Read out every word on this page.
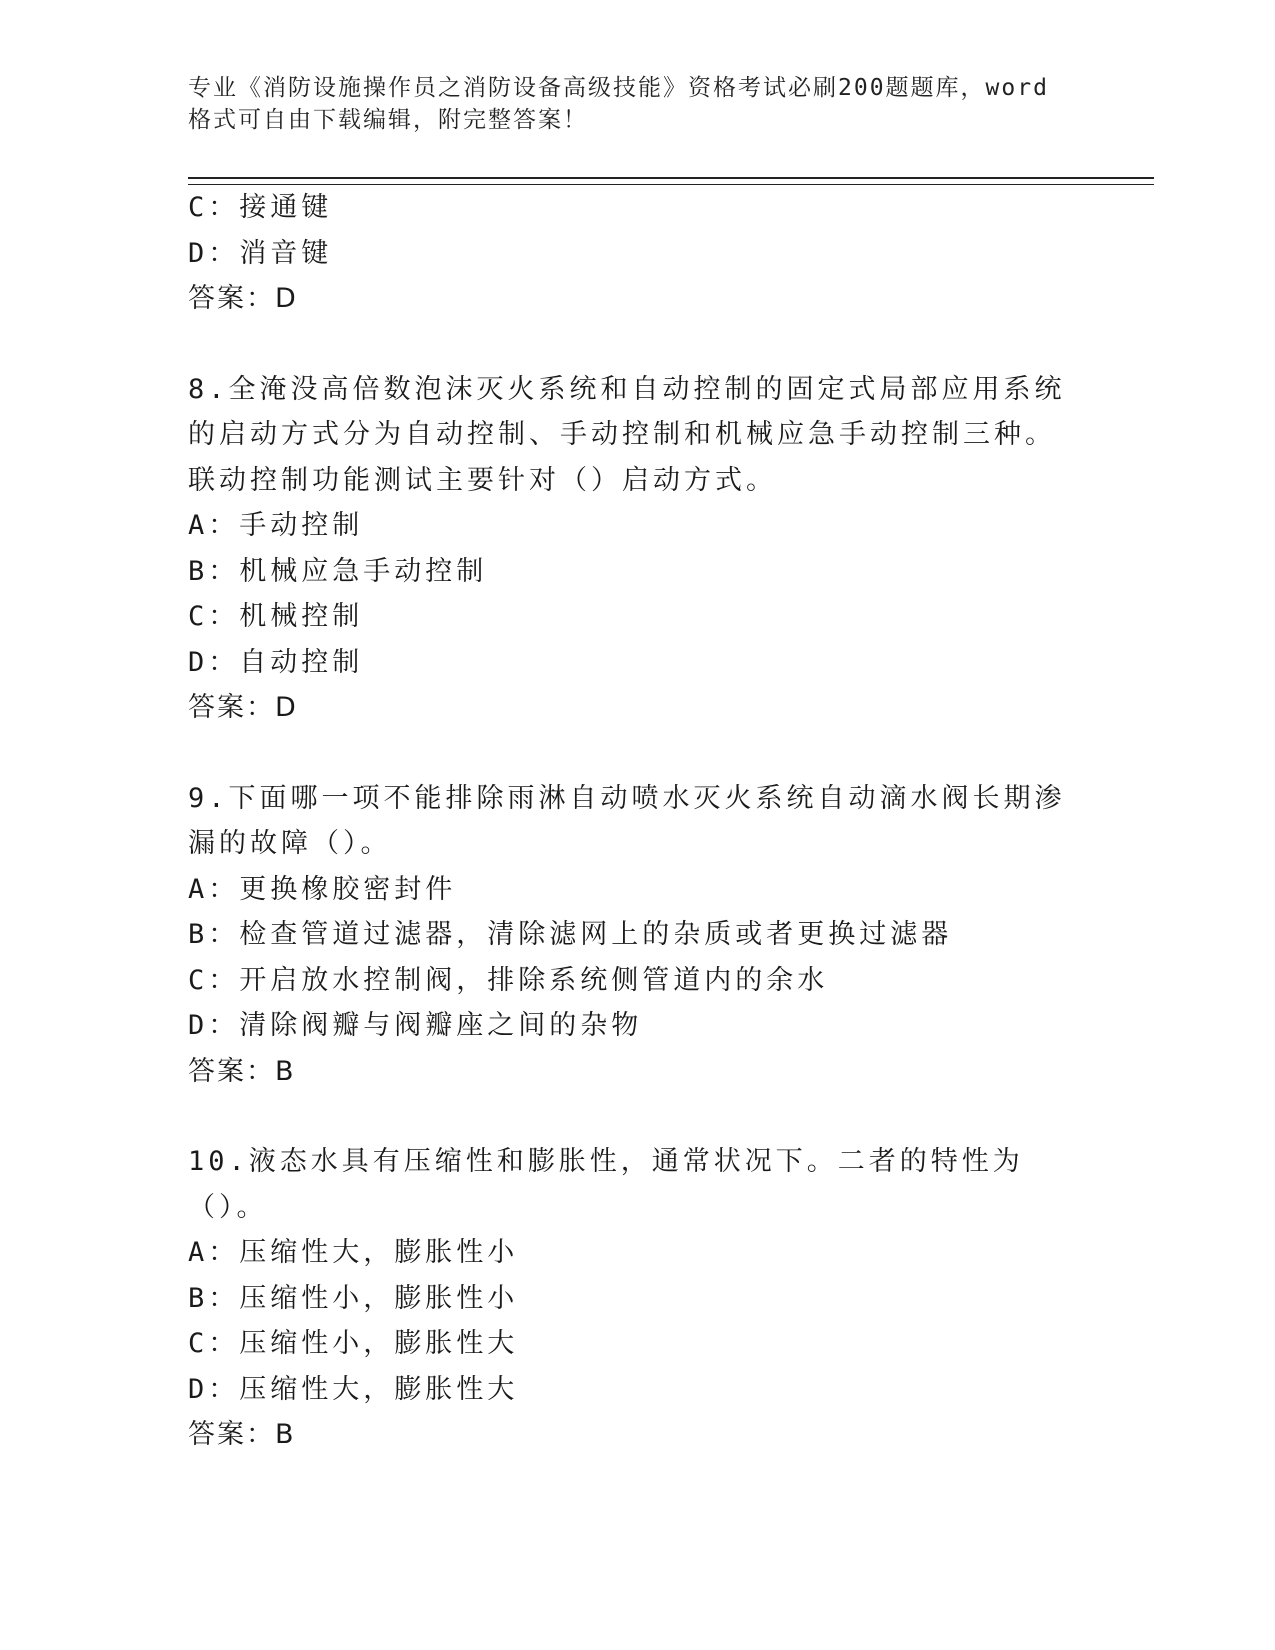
专业《消防设施操作员之消防设备高级技能》资格考试必刷200题题库，word格式可自由下载编辑，附完整答案！
C：接通键
D：消音键
答案：D
8.全淹没高倍数泡沫灭火系统和自动控制的固定式局部应用系统的启动方式分为自动控制、手动控制和机械应急手动控制三种。联动控制功能测试主要针对（）启动方式。
A：手动控制
B：机械应急手动控制
C：机械控制
D：自动控制
答案：D
9.下面哪一项不能排除雨淋自动喷水灭火系统自动滴水阀长期渗漏的故障（）。
A：更换橡胶密封件
B：检查管道过滤器，清除滤网上的杂质或者更换过滤器
C：开启放水控制阀，排除系统侧管道内的余水
D：清除阀瓣与阀瓣座之间的杂物
答案：B
10.液态水具有压缩性和膨胀性，通常状况下。二者的特性为（）。
A：压缩性大，膨胀性小
B：压缩性小，膨胀性小
C：压缩性小，膨胀性大
D：压缩性大，膨胀性大
答案：B
